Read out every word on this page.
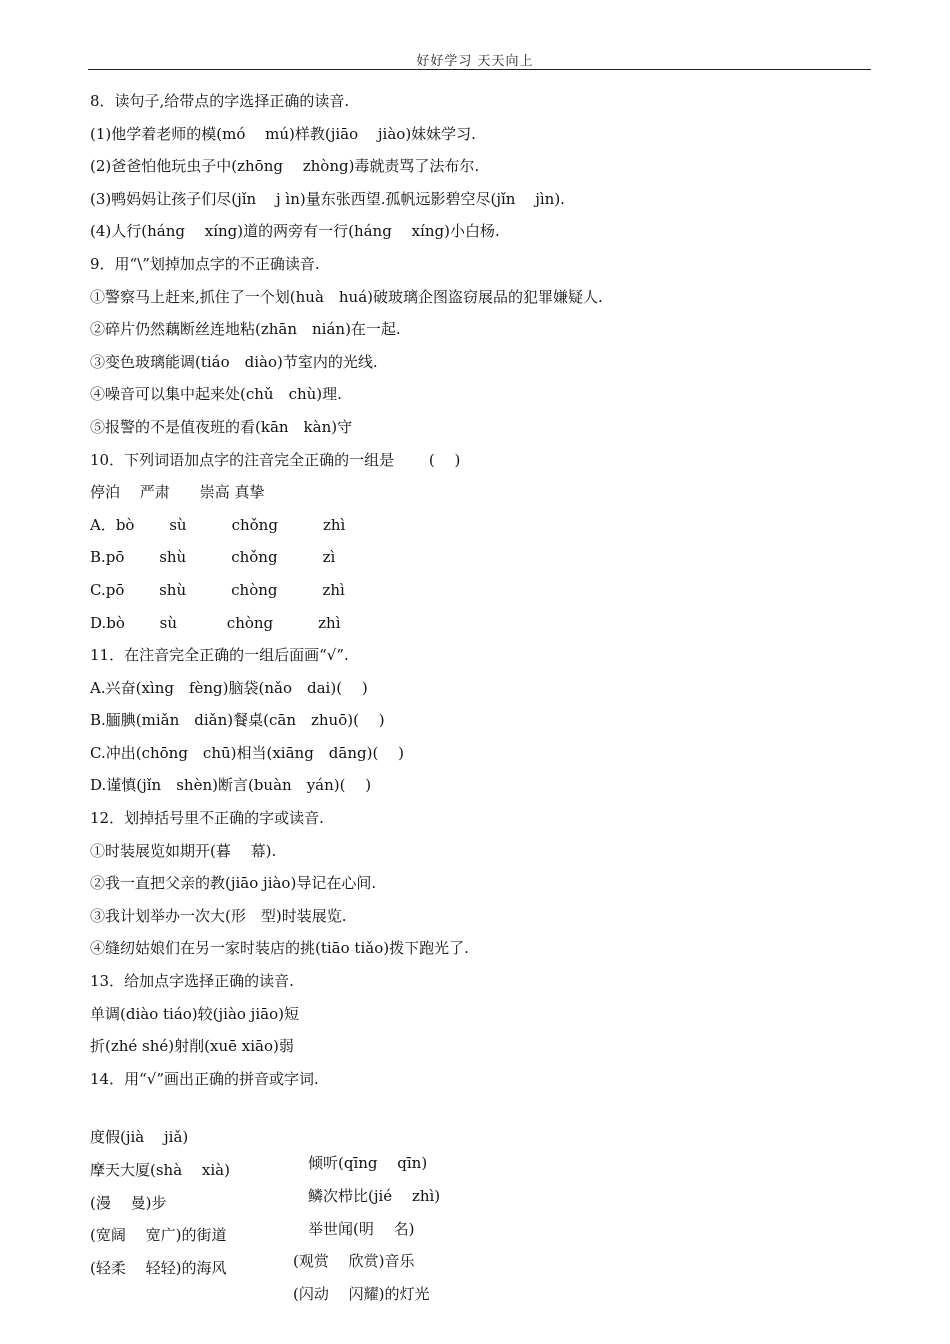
好好学习 天天向上
8．读句子,给带点的字选择正确的读音.
(1)他学着老师的模(mó　 mú)样教(jiāo　 jiào)妹妹学习.
(2)爸爸怕他玩虫子中(zhōng　 zhòng)毒就责骂了法布尔.
(3)鸭妈妈让孩子们尽(jǐn　 j ìn)量东张西望.孤帆远影碧空尽(jǐn　 jìn).
(4)人行(háng　 xíng)道的两旁有一行(háng　 xíng)小白杨.
9．用“\”划掉加点字的不正确读音.
①警察马上赶来,抓住了一个划(huà　huá)破玻璃企图盗窃展品的犯罪嫌疑人.
②碎片仍然藕断丝连地粘(zhān　nián)在一起.
③变色玻璃能调(tiáo　diào)节室内的光线.
④噪音可以集中起来处(chǔ　chù)理.
⑤报警的不是值夜班的看(kān　kàn)守
10．下列词语加点字的注音完全正确的一组是　　 (　 )
停泊　 严肃　　崇高 真挚
A．bò　　 sù　　　chǒng　　　zhì
B.pō　　 shù　　　chǒng　　　zì
C.pō　　 shù　　　chòng　　　zhì
D.bò　　 sù　　　 chòng　　　zhì
11．在注音完全正确的一组后面画“√”.
A.兴奋(xìng　fèng)脑袋(nǎo　dai)(　 )
B.腼腆(miǎn　diǎn)餐桌(cān　zhuō)(　 )
C.冲出(chōng　chū)相当(xiāng　dāng)(　 )
D.谨慎(jǐn　shèn)断言(buàn　yán)(　 )
12．划掉括号里不正确的字或读音.
①时装展览如期开(暮　 幕).
②我一直把父亲的教(jiāo jiào)导记在心间.
③我计划举办一次大(形　型)时装展览.
④缝纫姑娘们在另一家时装店的挑(tiāo tiǎo)拨下跑光了.
13．给加点字选择正确的读音.
单调(diào tiáo)较(jiào jiāo)短
折(zhé shé)射削(xuē xiāo)弱
14．用“√”画出正确的拼音或字词.

度假(jià　 jiǎ)

倾听(qīng　 qīn)

摩天大厦(shà　 xià)

鳞次栉比(jié　 zhì)

(漫　 曼)步

举世闻(明　 名)

(宽阔　 宽广)的街道

(观赏　 欣赏)音乐

(轻柔　 轻轻)的海风

(闪动　 闪耀)的灯光
